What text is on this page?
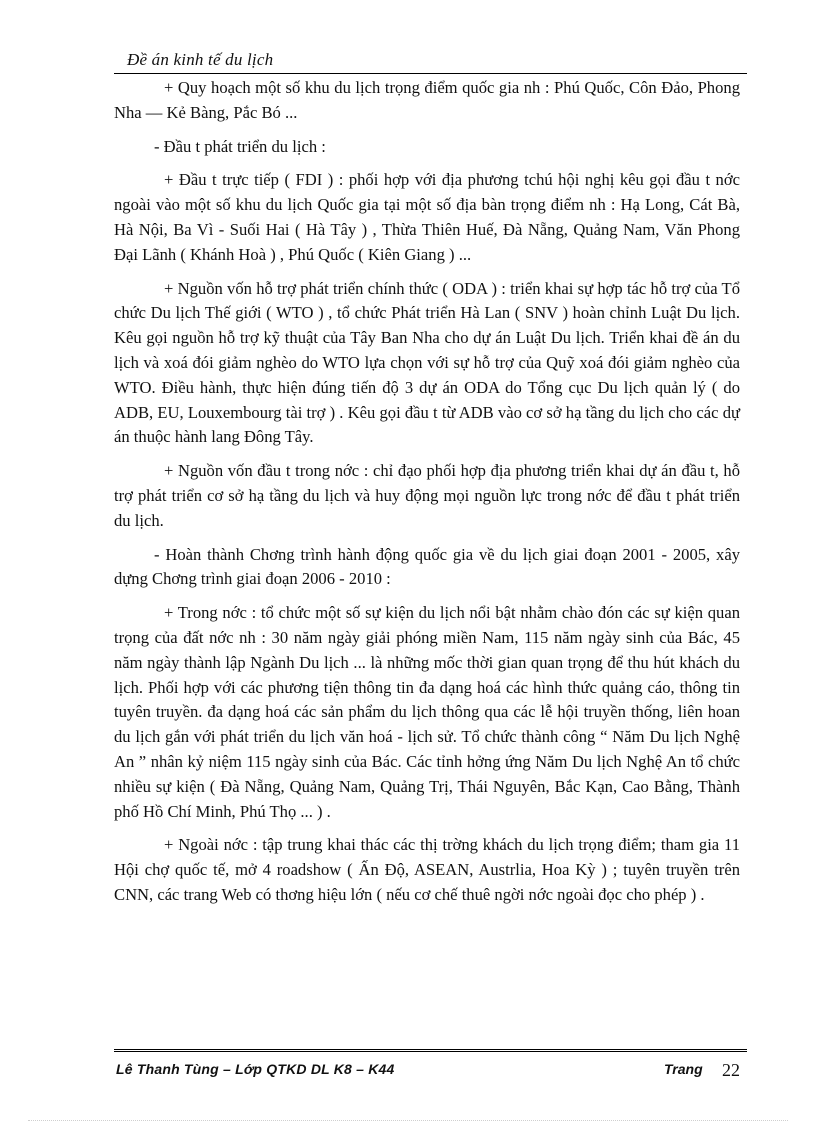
Đề án kinh tế du lịch

+ Quy hoạch một số khu du lịch trọng điểm quốc gia nh : Phú Quốc, Côn Đảo, Phong Nha — Kẻ Bàng, Pắc Bó ...

- Đầu t phát triển du lịch :

+ Đầu t trực tiếp ( FDI ) : phối hợp với địa phương tchú hội nghị kêu gọi đầu t nớc ngoài vào một số khu du lịch Quốc gia tại một số địa bàn trọng điểm nh : Hạ Long, Cát Bà, Hà Nội, Ba Vì - Suối Hai ( Hà Tây ) , Thừa Thiên Huế, Đà Nẵng, Quảng Nam, Văn Phong Đại Lãnh ( Khánh Hoà ) , Phú Quốc ( Kiên Giang ) ...

+ Nguồn vốn hỗ trợ phát triển chính thức ( ODA ) : triển khai sự hợp tác hỗ trợ của Tổ chức Du lịch Thế giới ( WTO ) , tổ chức Phát triển Hà Lan ( SNV ) hoàn chỉnh Luật Du lịch. Kêu gọi nguồn hỗ trợ kỹ thuật của Tây Ban Nha cho dự án Luật Du lịch. Triển khai đề án du lịch và xoá đói giảm nghèo do WTO lựa chọn với sự hỗ trợ của Quỹ xoá đói giảm nghèo của WTO. Điều hành, thực hiện đúng tiến độ 3 dự án ODA do Tổng cục Du lịch quản lý ( do ADB, EU, Louxembourg tài trợ ) . Kêu gọi đầu t từ ADB vào cơ sở hạ tầng du lịch cho các dự án thuộc hành lang Đông Tây.

+ Nguồn vốn đầu t trong nớc : chỉ đạo phối hợp địa phương triển khai dự án đầu t, hỗ trợ phát triển cơ sở hạ tầng du lịch và huy động mọi nguồn lực trong nớc để đầu t phát triển du lịch.

- Hoàn thành Chơng trình hành động quốc gia về du lịch giai đoạn 2001 - 2005, xây dựng Chơng trình giai đoạn 2006 - 2010 :

+ Trong nớc : tổ chức một số sự kiện du lịch nổi bật nhằm chào đón các sự kiện quan trọng của đất nớc nh : 30 năm ngày giải phóng miền Nam, 115 năm ngày sinh của Bác, 45 năm ngày thành lập Ngành Du lịch ... là những mốc thời gian quan trọng để thu hút khách du lịch. Phối hợp với các phương tiện thông tin đa dạng hoá các hình thức quảng cáo, thông tin tuyên truyền. đa dạng hoá các sản phẩm du lịch thông qua các lễ hội truyền thống, liên hoan du lịch gắn với phát triển du lịch văn hoá - lịch sử. Tổ chức thành công “ Năm Du lịch Nghệ An ” nhân kỷ niệm 115 ngày sinh của Bác. Các tỉnh hởng ứng Năm Du lịch Nghệ An tổ chức nhiều sự kiện ( Đà Nẵng, Quảng Nam, Quảng Trị, Thái Nguyên, Bắc Kạn, Cao Bằng, Thành phố Hồ Chí Minh, Phú Thọ ... ) .

+ Ngoài nớc : tập trung khai thác các thị trờng khách du lịch trọng điểm; tham gia 11 Hội chợ quốc tế, mở 4 roadshow ( Ấn Độ, ASEAN, Austrlia, Hoa Kỳ ) ; tuyên truyền trên CNN, các trang Web có thơng hiệu lớn ( nếu cơ chế thuê ngời nớc ngoài đọc cho phép ) .

Lê Thanh Tùng – Lớp QTKD DL K8 – K44	Trang 22
